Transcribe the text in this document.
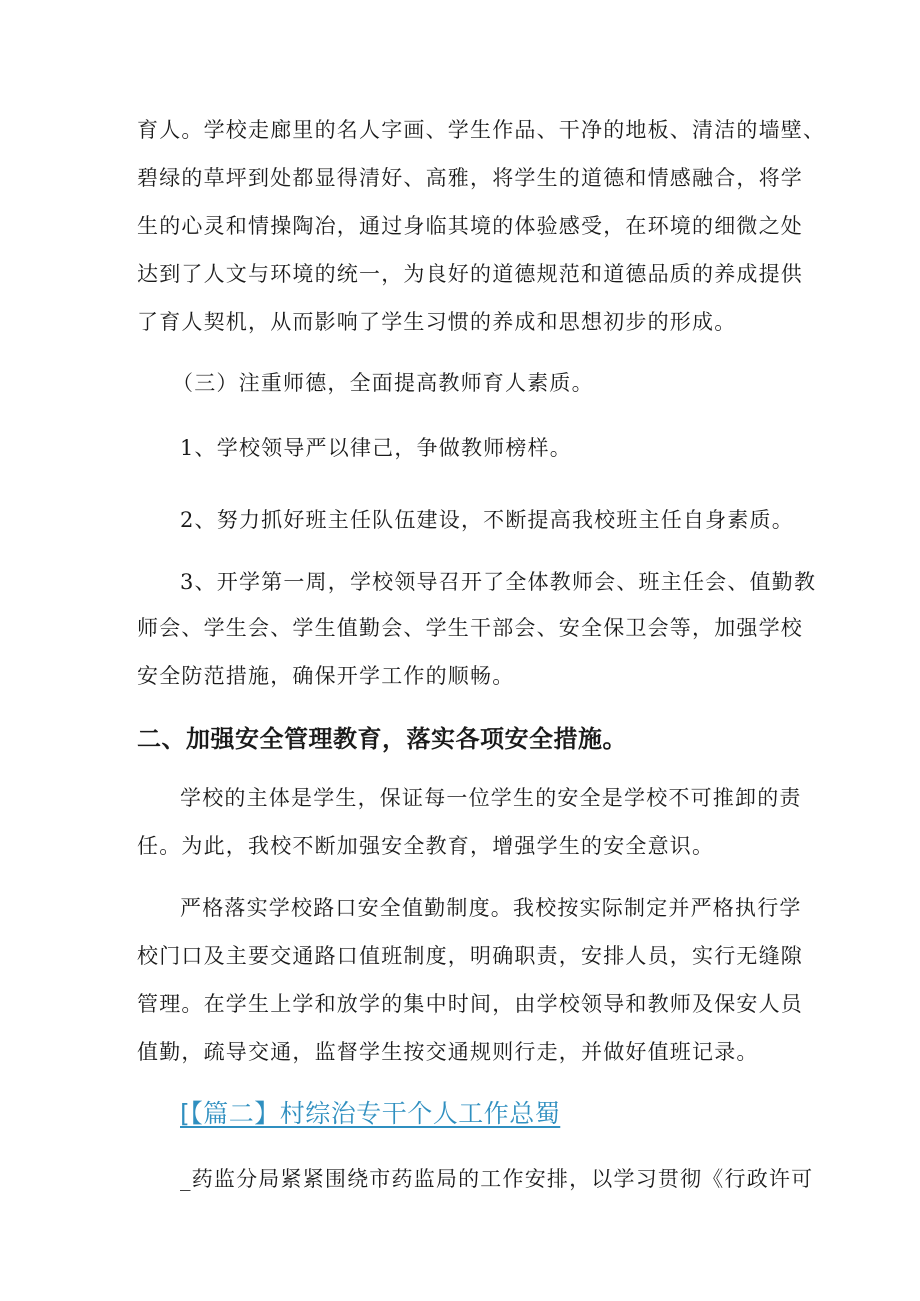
育人。学校走廊里的名人字画、学生作品、干净的地板、清洁的墙壁、
碧绿的草坪到处都显得清好、高雅，将学生的道德和情感融合，将学
生的心灵和情操陶冶，通过身临其境的体验感受，在环境的细微之处
达到了人文与环境的统一，为良好的道德规范和道德品质的养成提供
了育人契机，从而影响了学生习惯的养成和思想初步的形成。
（三）注重师德，全面提高教师育人素质。
1、学校领导严以律己，争做教师榜样。
2、努力抓好班主任队伍建设，不断提高我校班主任自身素质。
3、开学第一周，学校领导召开了全体教师会、班主任会、值勤教
师会、学生会、学生值勤会、学生干部会、安全保卫会等，加强学校
安全防范措施，确保开学工作的顺畅。
二、加强安全管理教育，落实各项安全措施。
学校的主体是学生，保证每一位学生的安全是学校不可推卸的责
任。为此，我校不断加强安全教育，增强学生的安全意识。
严格落实学校路口安全值勤制度。我校按实际制定并严格执行学
校门口及主要交通路口值班制度，明确职责，安排人员，实行无缝隙
管理。在学生上学和放学的集中时间，由学校领导和教师及保安人员
值勤，疏导交通，监督学生按交通规则行走，并做好值班记录。
[【篇二】村综治专干个人工作总蜀
_药监分局紧紧围绕市药监局的工作安排，以学习贯彻《行政许可
